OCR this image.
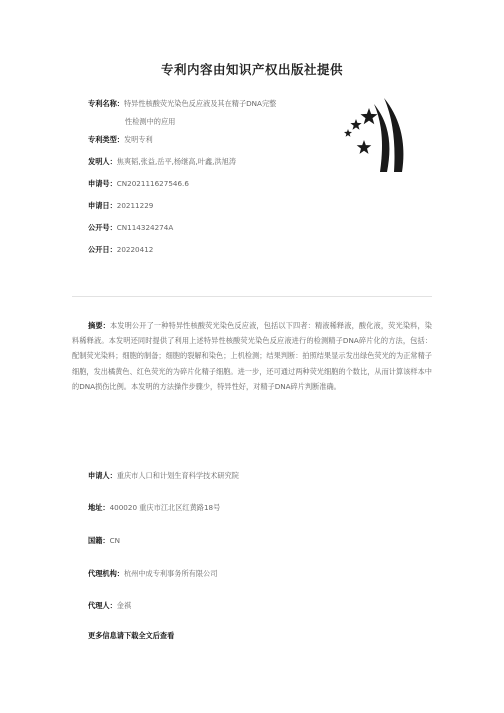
专利内容由知识产权出版社提供
专利名称：特异性核酸荧光染色反应液及其在精子DNA完整
性检测中的应用
专利类型：发明专利
发明人：焦爽韬,张益,岳平,杨继高,叶鑫,洪旭涛
申请号：CN202111627546.6
申请日：20211229
公开号：CN114324274A
公开日：20220412
摘要：本发明公开了一种特异性核酸荧光染色反应液，包括以下四者：精液稀释液，酸化液，荧光染料，染料稀释液。本发明还同时提供了利用上述特异性核酸荧光染色反应液进行的检测精子DNA碎片化的方法，包括：配制荧光染料；细胞的制备；细胞的裂解和染色；上机检测；结果判断：拍照结果显示发出绿色荧光的为正常精子细胞，发出橘黄色、红色荧光的为碎片化精子细胞。进一步，还可通过两种荧光细胞的个数比，从而计算该样本中的DNA损伤比例。本发明的方法操作步骤少，特异性好，对精子DNA碎片判断准确。
申请人：重庆市人口和计划生育科学技术研究院
地址：400020 重庆市江北区红黄路18号
国籍：CN
代理机构：杭州中成专利事务所有限公司
代理人：金祺
更多信息请下载全文后查看
